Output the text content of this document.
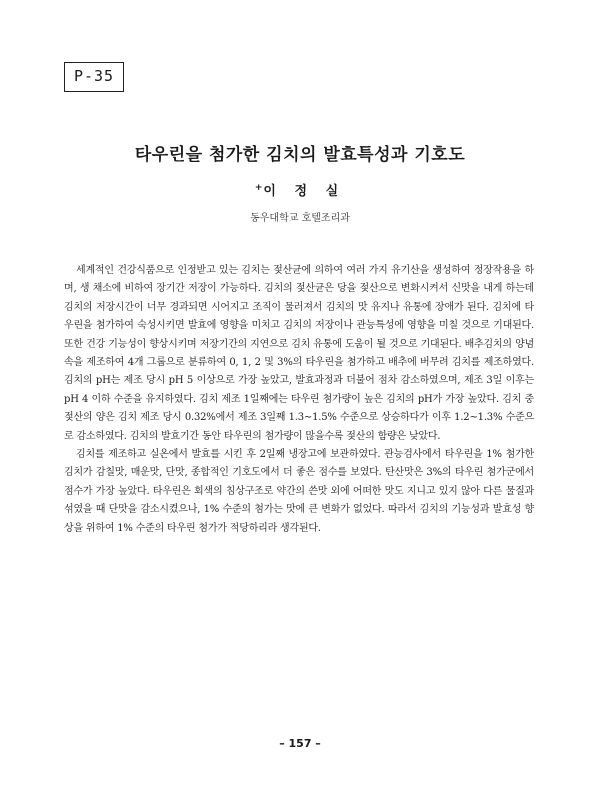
P-35
타우린을 첨가한 김치의 발효특성과 기호도
+이 정 실
동우대학교 호텔조리과

세계적인 건강식품으로 인정받고 있는 김치는 젖산균에 의하여 여러 가지 유기산을 생성하여 정장작용을 하며, 생 채소에 비하여 장기간 저장이 가능하다. 김치의 젖산균은 당을 젖산으로 변화시켜서 신맛을 내게 하는데 김치의 저장시간이 너무 경과되면 시어지고 조직이 물러져서 김치의 맛 유지나 유통에 장애가 된다. 김치에 타우린을 첨가하여 숙성시키면 발효에 영향을 미치고 김치의 저장이나 관능특성에 영향을 미칠 것으로 기대된다. 또한 건강 기능성이 향상시키며 저장기간의 지연으로 김치 유통에 도움이 될 것으로 기대된다. 배추김치의 양념속을 제조하여 4개 그룹으로 분류하여 0, 1, 2 및 3%의 타우린을 첨가하고 배추에 버무려 김치를 제조하였다. 김치의 pH는 제조 당시 pH 5 이상으로 가장 높았고, 발효과정과 더불어 점차 감소하였으며, 제조 3일 이후는 pH 4 이하 수준을 유지하였다. 김치 제조 1일째에는 타우린 첨가량이 높은 김치의 pH가 가장 높았다. 김치 중 젖산의 양은 김치 제조 당시 0.32%에서 제조 3일째 1.3∼1.5% 수준으로 상승하다가 이후 1.2∼1.3% 수준으로 감소하였다. 김치의 발효기간 동안 타우린의 첨가량이 많을수록 젖산의 함량은 낮았다.

김치를 제조하고 실온에서 발효를 시킨 후 2일째 냉장고에 보관하였다. 관능검사에서 타우린을 1% 첨가한 김치가 감칠맛, 매운맛, 단맛, 종합적인 기호도에서 더 좋은 점수를 보였다. 탄산맛은 3%의 타우린 첨가군에서 점수가 가장 높았다. 타우린은 회색의 침상구조로 약간의 쓴맛 외에 어떠한 맛도 지니고 있지 않아 다른 물질과 섞였을 때 단맛을 감소시켰으나, 1% 수준의 첨가는 맛에 큰 변화가 없었다. 따라서 김치의 기능성과 발효성 향상을 위하여 1% 수준의 타우린 첨가가 적당하리라 생각된다.

– 157 –
